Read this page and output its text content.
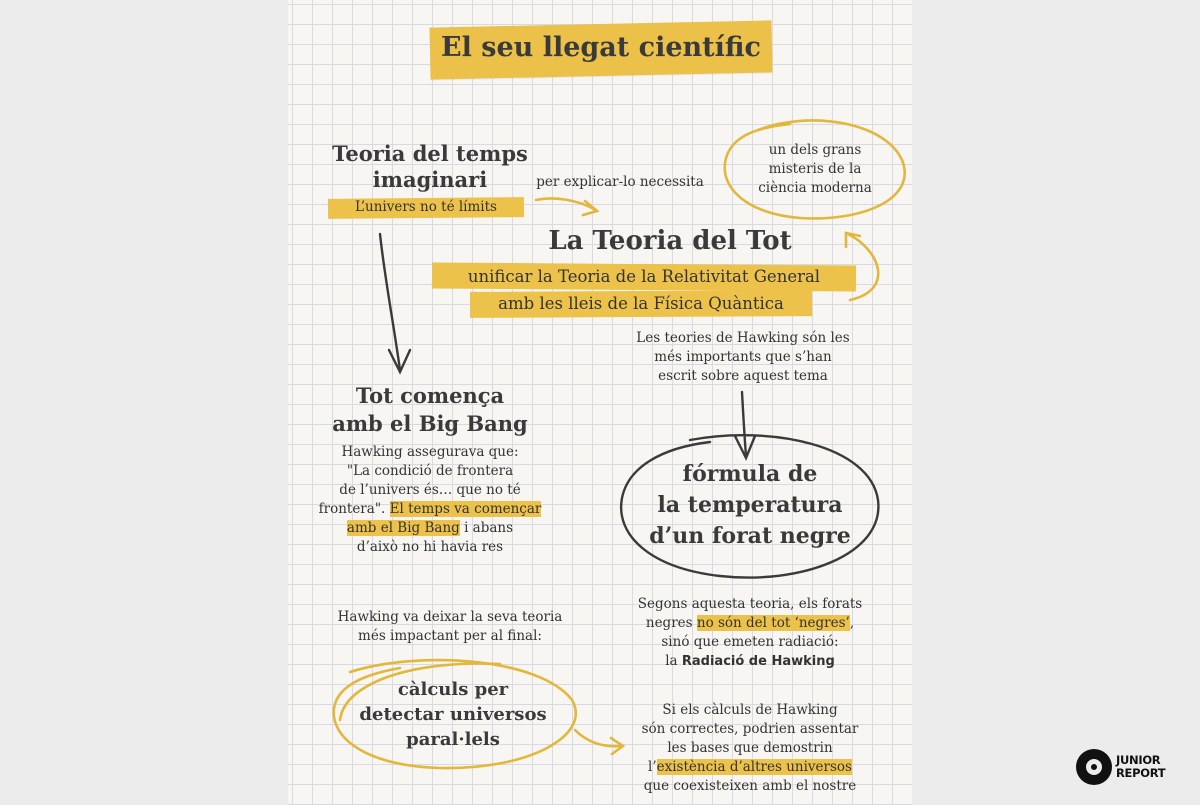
El seu llegat científic
Teoria del temps
imaginari
L’univers no té límits
per explicar-lo necessita
un dels grans
misteris de la
ciència moderna
La Teoria del Tot
unificar la Teoria de la Relativitat General
amb les lleis de la Física Quàntica
Les teories de Hawking són les
més importants que s’han
escrit sobre aquest tema
Tot comença
amb el Big Bang
Hawking assegurava que:
"La condició de frontera
de l’univers és… que no té
frontera". El temps va començar
amb el Big Bang i abans
d’això no hi havia res
fórmula de
la temperatura
d’un forat negre
Segons aquesta teoria, els forats
negres no són del tot ‘negres’,
sinó que emeten radiació:
la Radiació de Hawking
Hawking va deixar la seva teoria
més impactant per al final:
càlculs per
detectar universos
paral·lels
Si els càlculs de Hawking
són correctes, podrien assentar
les bases que demostrin
l’existència d’altres universos
que coexisteixen amb el nostre
JUNIOR
REPORT
